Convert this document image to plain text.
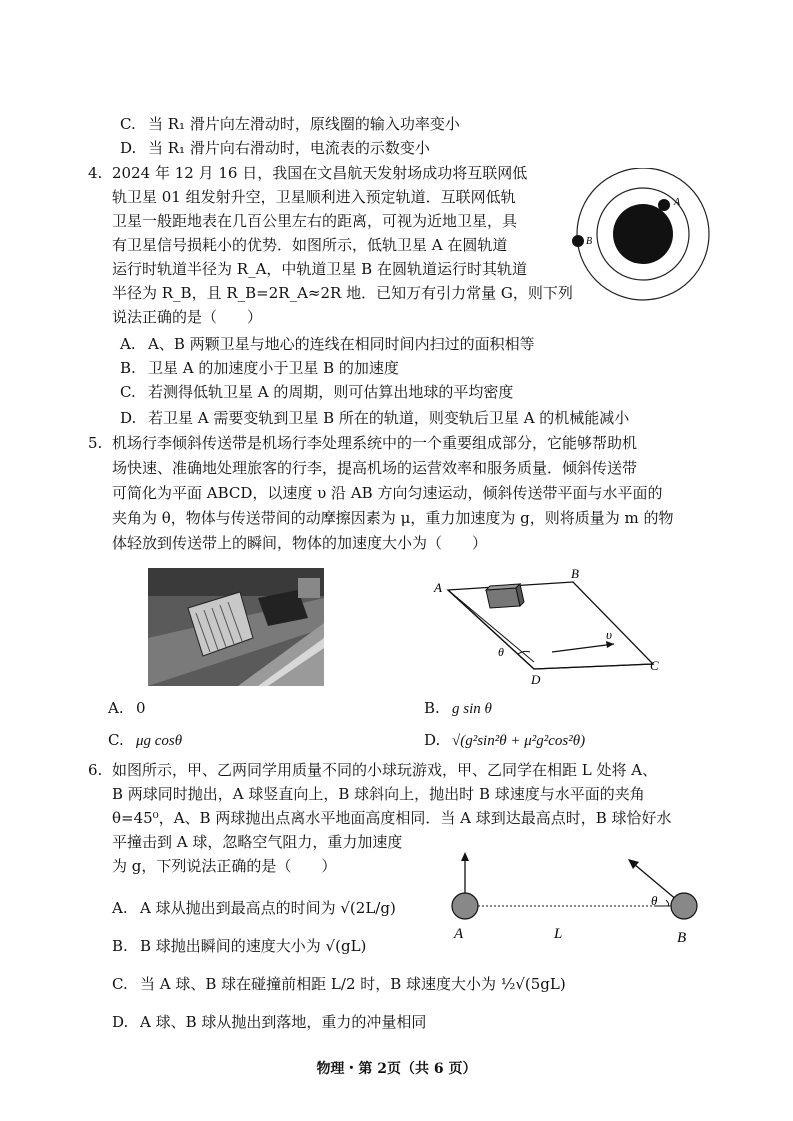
C. 当 R₁ 滑片向左滑动时，原线圈的输入功率变小
D. 当 R₁ 滑片向右滑动时，电流表的示数变小
4. 2024 年 12 月 16 日，我国在文昌航天发射场成功将互联网低
轨卫星 01 组发射升空，卫星顺利进入预定轨道．互联网低轨
卫星一般距地表在几百公里左右的距离，可视为近地卫星，具
有卫星信号损耗小的优势．如图所示，低轨卫星 A 在圆轨道
运行时轨道半径为 R_A，中轨道卫星 B 在圆轨道运行时其轨道
半径为 R_B，且 R_B=2R_A≈2R 地．已知万有引力常量 G，则下列
说法正确的是（　　）
A
B
A. A、B 两颗卫星与地心的连线在相同时间内扫过的面积相等
B. 卫星 A 的加速度小于卫星 B 的加速度
C. 若测得低轨卫星 A 的周期，则可估算出地球的平均密度
D. 若卫星 A 需要变轨到卫星 B 所在的轨道，则变轨后卫星 A 的机械能减小
5. 机场行李倾斜传送带是机场行李处理系统中的一个重要组成部分，它能够帮助机
场快速、准确地处理旅客的行李，提高机场的运营效率和服务质量．倾斜传送带
可简化为平面 ABCD，以速度 υ 沿 AB 方向匀速运动，倾斜传送带平面与水平面的
夹角为 θ，物体与传送带间的动摩擦因素为 μ，重力加速度为 g，则将质量为 m 的物
体轻放到传送带上的瞬间，物体的加速度大小为（　　）
A
B
C
D
υ
θ
A. 0	B. g sin θ
C. μg cosθ	D. √(g²sin²θ + μ²g²cos²θ)
6. 如图所示，甲、乙两同学用质量不同的小球玩游戏，甲、乙同学在相距 L 处将 A、
B 两球同时抛出，A 球竖直向上，B 球斜向上，抛出时 B 球速度与水平面的夹角
θ=45⁰，A、B 两球抛出点离水平地面高度相同．当 A 球到达最高点时，B 球恰好水
平撞击到 A 球，忽略空气阻力，重力加速度
为 g，下列说法正确的是（　　）
θ
A	L	B
A. A 球从抛出到最高点的时间为 √(2L/g)
B. B 球抛出瞬间的速度大小为 √(gL)
C. 当 A 球、B 球在碰撞前相距 L/2 时，B 球速度大小为 ½√(5gL)
D. A 球、B 球从抛出到落地，重力的冲量相同
物理・第 2页（共 6 页）
